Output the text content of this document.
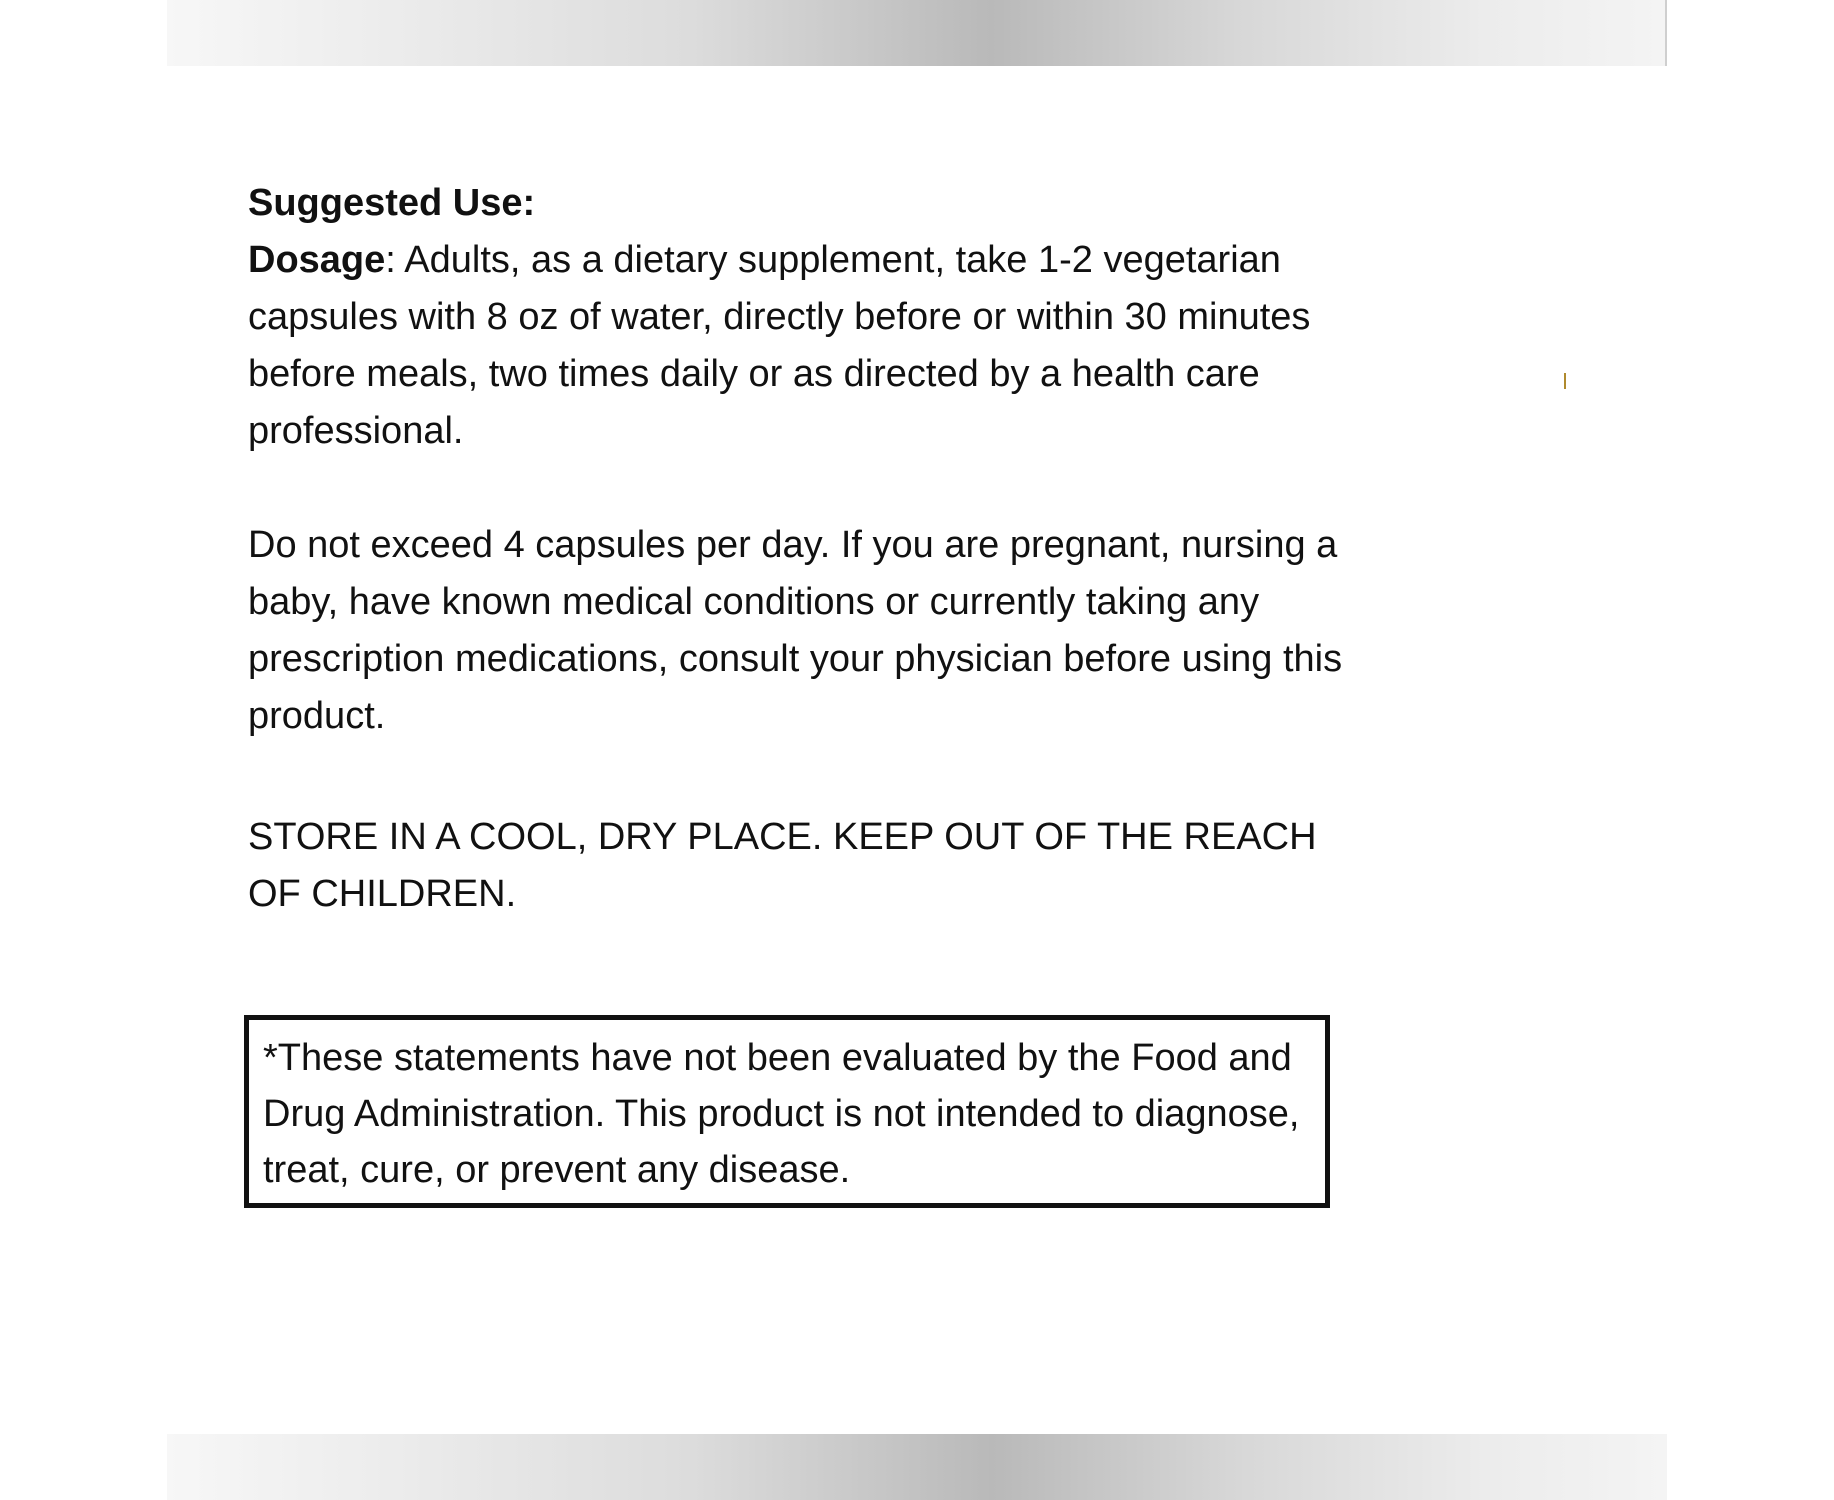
Suggested Use:

Dosage: Adults, as a dietary supplement, take 1-2 vegetarian capsules with 8 oz of water, directly before or within 30 minutes before meals, two times daily or as directed by a health care professional.

Do not exceed 4 capsules per day. If you are pregnant, nursing a baby, have known medical conditions or currently taking any prescription medications, consult your physician before using this product.

STORE IN A COOL, DRY PLACE. KEEP OUT OF THE REACH OF CHILDREN.

*These statements have not been evaluated by the Food and Drug Administration. This product is not intended to diagnose, treat, cure, or prevent any disease.
